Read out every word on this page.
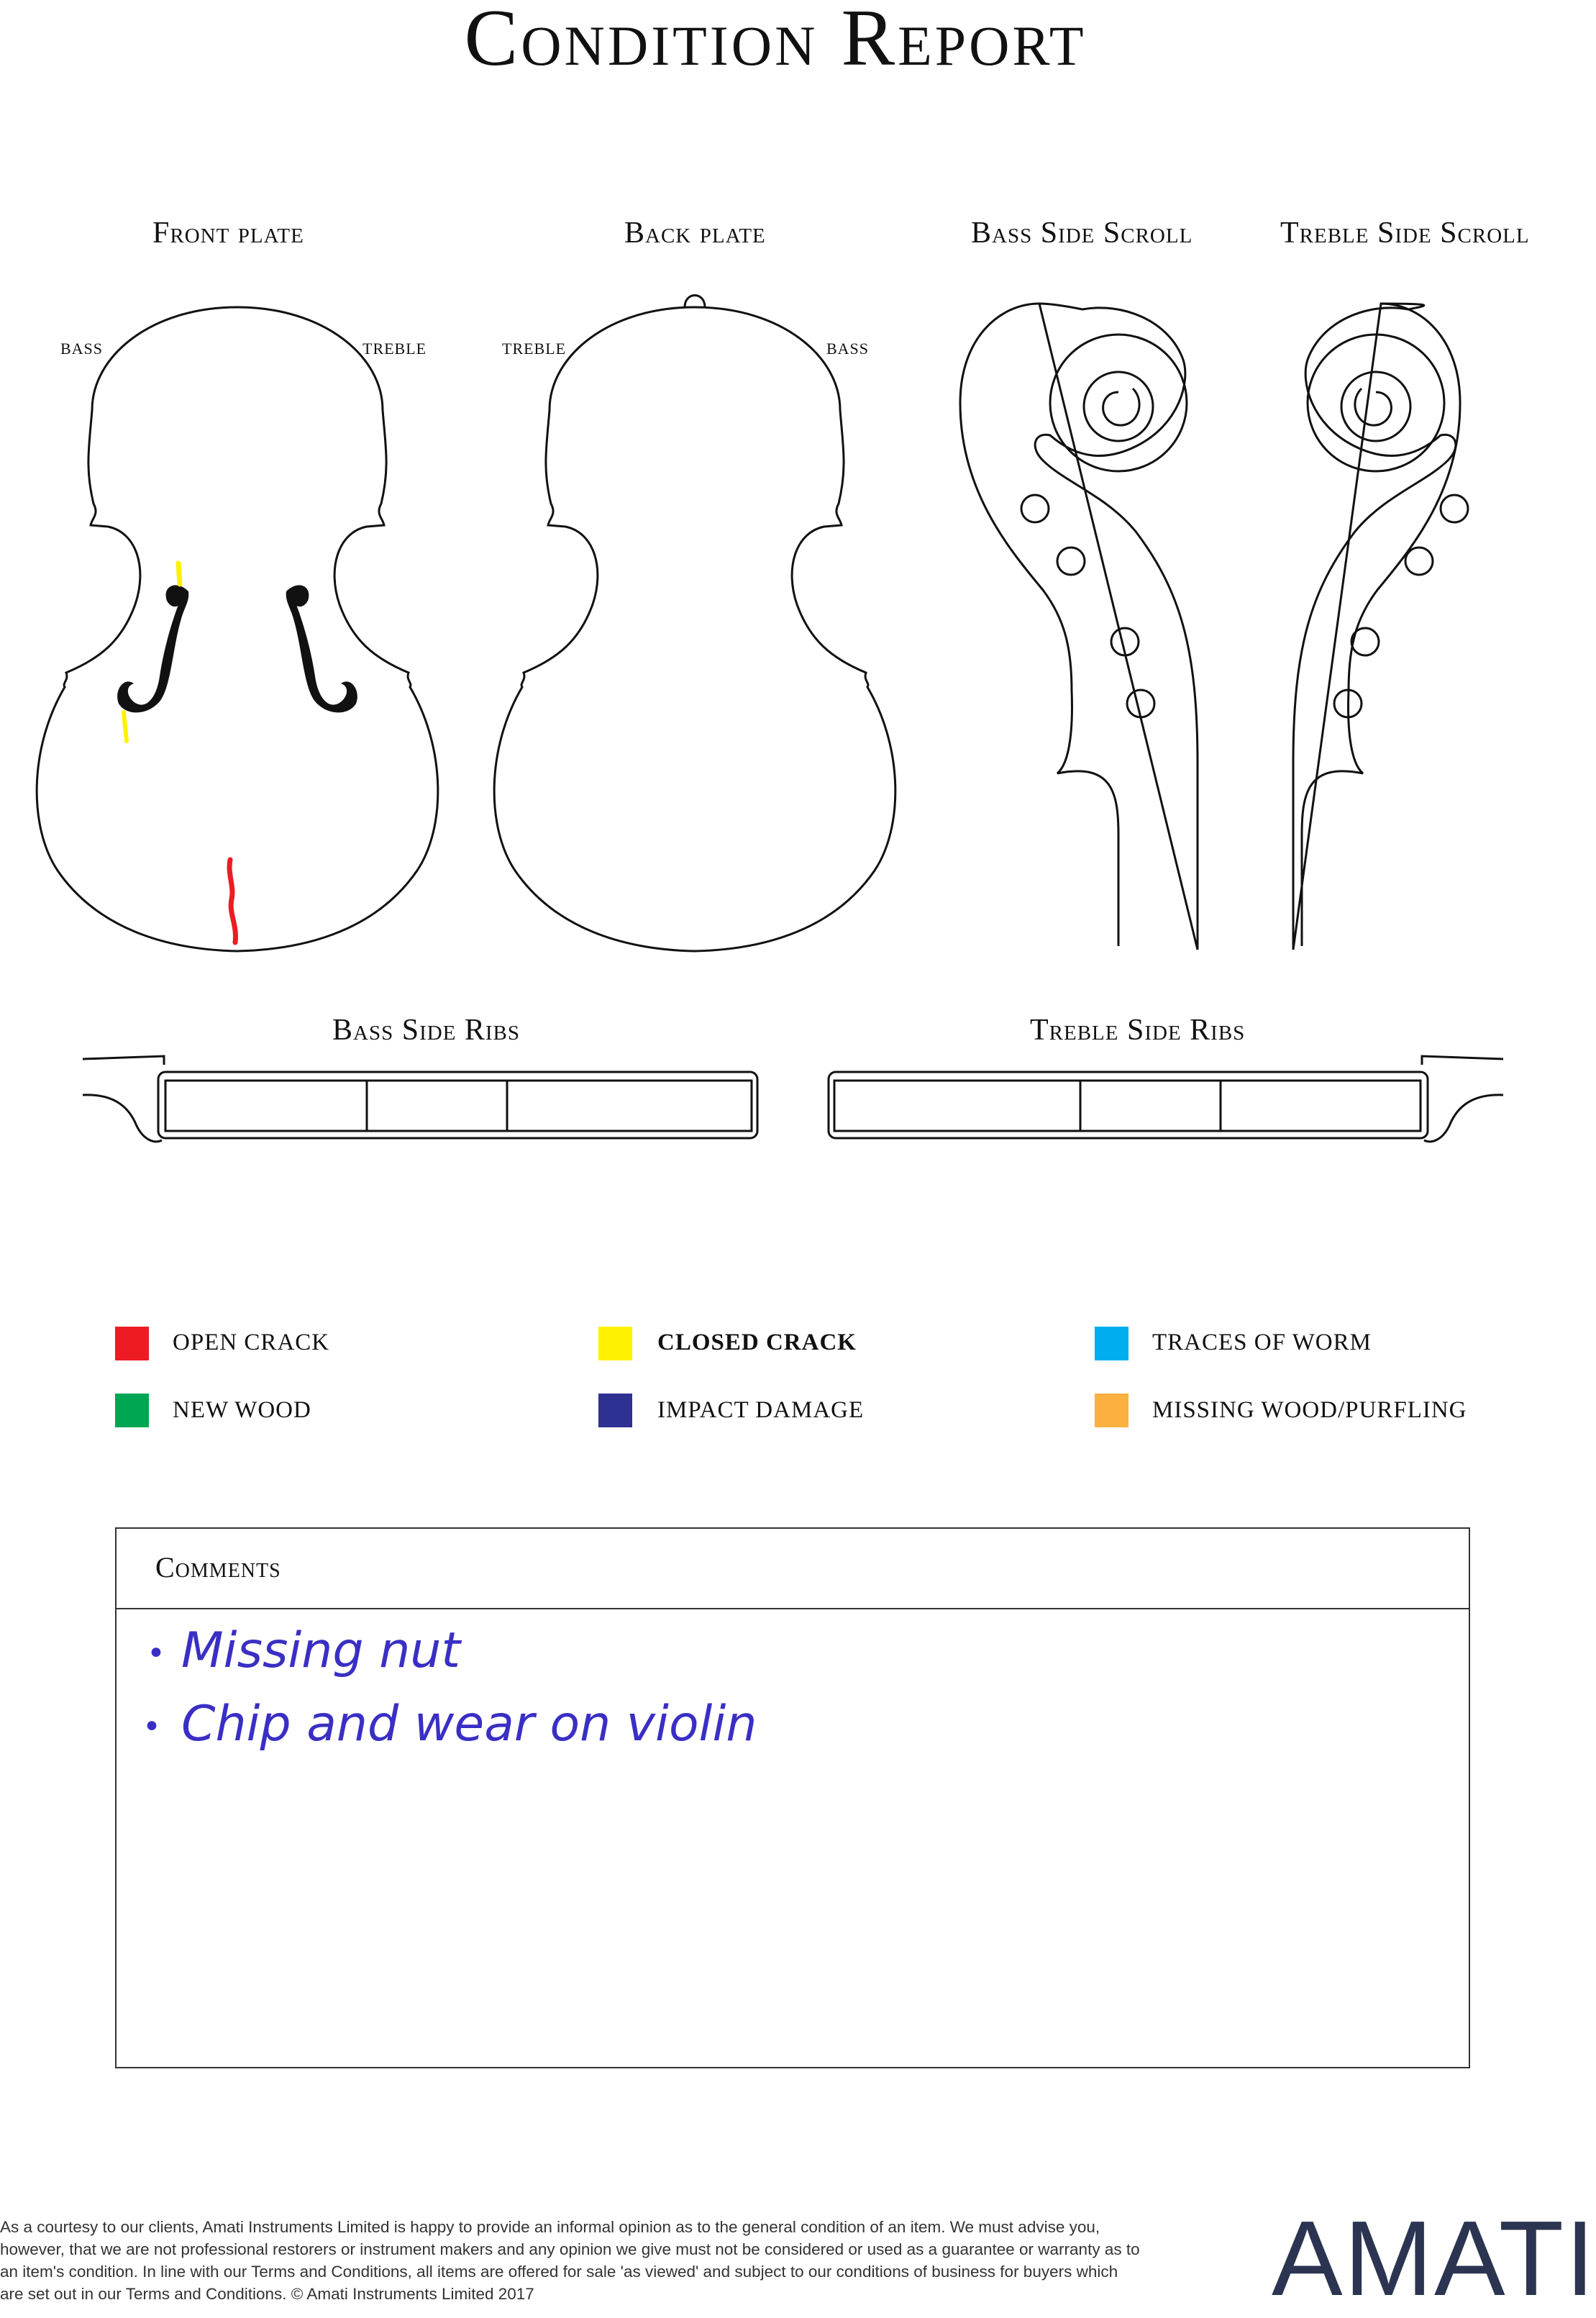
Condition Report
Front plate	Back plate	Bass Side Scroll	Treble Side Scroll
BASS	TREBLE	TREBLE	BASS
Bass Side Ribs	Treble Side Ribs
OPEN CRACK	CLOSED CRACK	TRACES OF WORM
NEW WOOD	IMPACT DAMAGE	MISSING WOOD/PURFLING
Comments
• Missing nut
• Chip and wear on violin
As a courtesy to our clients, Amati Instruments Limited is happy to provide an informal opinion as to the general condition of an item. We must advise you, however, that we are not professional restorers or instrument makers and any opinion we give must not be considered or used as a guarantee or warranty as to an item's condition. In line with our Terms and Conditions, all items are offered for sale 'as viewed' and subject to our conditions of business for buyers which are set out in our Terms and Conditions. © Amati Instruments Limited 2017	AMATI
